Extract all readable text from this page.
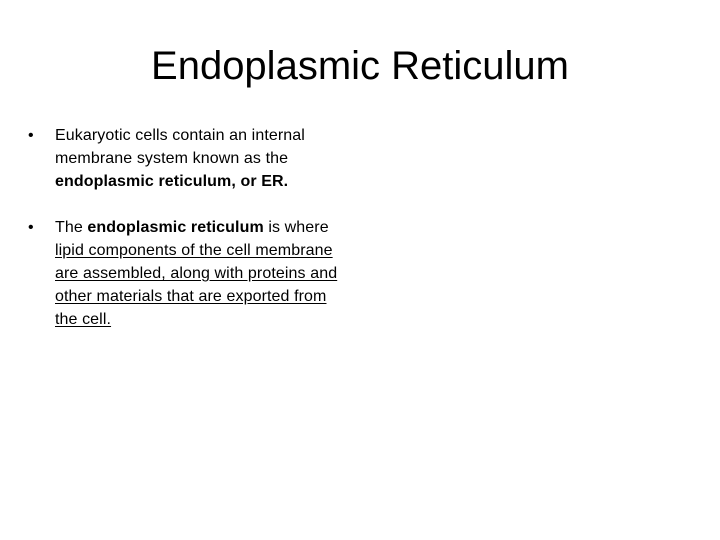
Endoplasmic Reticulum
• Eukaryotic cells contain an internal membrane system known as the endoplasmic reticulum, or ER.
• The endoplasmic reticulum is where lipid components of the cell membrane are assembled, along with proteins and other materials that are exported from the cell.
